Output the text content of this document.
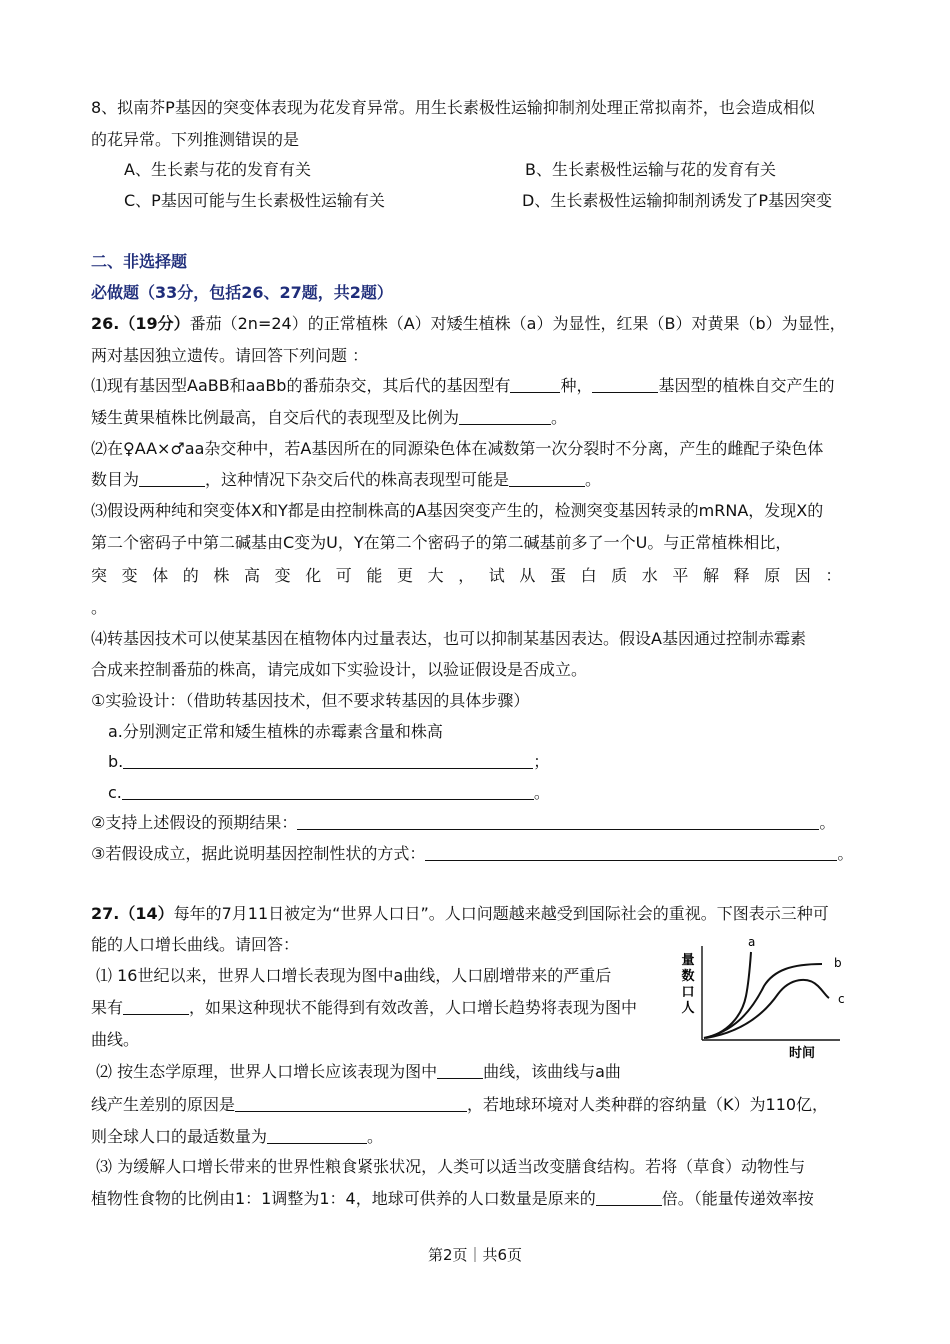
8、拟南芥P基因的突变体表现为花发育异常。用生长素极性运输抑制剂处理正常拟南芥，也会造成相似
的花异常。下列推测错误的是
A、生长素与花的发育有关	B、生长素极性运输与花的发育有关
C、P基因可能与生长素极性运输有关	D、生长素极性运输抑制剂诱发了P基因突变
二、非选择题
必做题（33分，包括26、27题，共2题）
26.（19分）番茄（2n=24）的正常植株（A）对矮生植株（a）为显性，红果（B）对黄果（b）为显性，
两对基因独立遗传。请回答下列问题 ：
⑴现有基因型AaBB和aaBb的番茄杂交，其后代的基因型有	种，	基因型的植株自交产生的
矮生黄果植株比例最高，自交后代的表现型及比例为	。
⑵在♀AA×♂aa杂交种中，若A基因所在的同源染色体在减数第一次分裂时不分离，产生的雌配子染色体
数目为	，这种情况下杂交后代的株高表现型可能是	。
⑶假设两种纯和突变体X和Y都是由控制株高的A基因突变产生的，检测突变基因转录的mRNA，发现X的
第二个密码子中第二碱基由C变为U，Y在第二个密码子的第二碱基前多了一个U。与正常植株相比，
突变体的株高变化可能更大，试从蛋白质水平解释原因：
。
⑷转基因技术可以使某基因在植物体内过量表达，也可以抑制某基因表达。假设A基因通过控制赤霉素
合成来控制番茄的株高，请完成如下实验设计，以验证假设是否成立。
①实验设计：（借助转基因技术，但不要求转基因的具体步骤）
a.分别测定正常和矮生植株的赤霉素含量和株高
b.	；
c.	。
②支持上述假设的预期结果：	。
③若假设成立，据此说明基因控制性状的方式：	。
27.（14）每年的7月11日被定为“世界人口日”。人口问题越来越受到国际社会的重视。下图表示三种可
能的人口增长曲线。请回答：
⑴ 16世纪以来，世界人口增长表现为图中a曲线，人口剧增带来的严重后
果有	，如果这种现状不能得到有效改善，人口增长趋势将表现为图中
曲线。
⑵ 按生态学原理，世界人口增长应该表现为图中	曲线，该曲线与a曲
线产生差别的原因是	，若地球环境对人类种群的容纳量（K）为110亿，
则全球人口的最适数量为	。
⑶ 为缓解人口增长带来的世界性粮食紧张状况，人类可以适当改变膳食结构。若将（草食）动物性与
植物性食物的比例由1：1调整为1：4，地球可供养的人口数量是原来的	倍。（能量传递效率按
量
数
口
人
a
b
c
时间
第2页｜共6页
